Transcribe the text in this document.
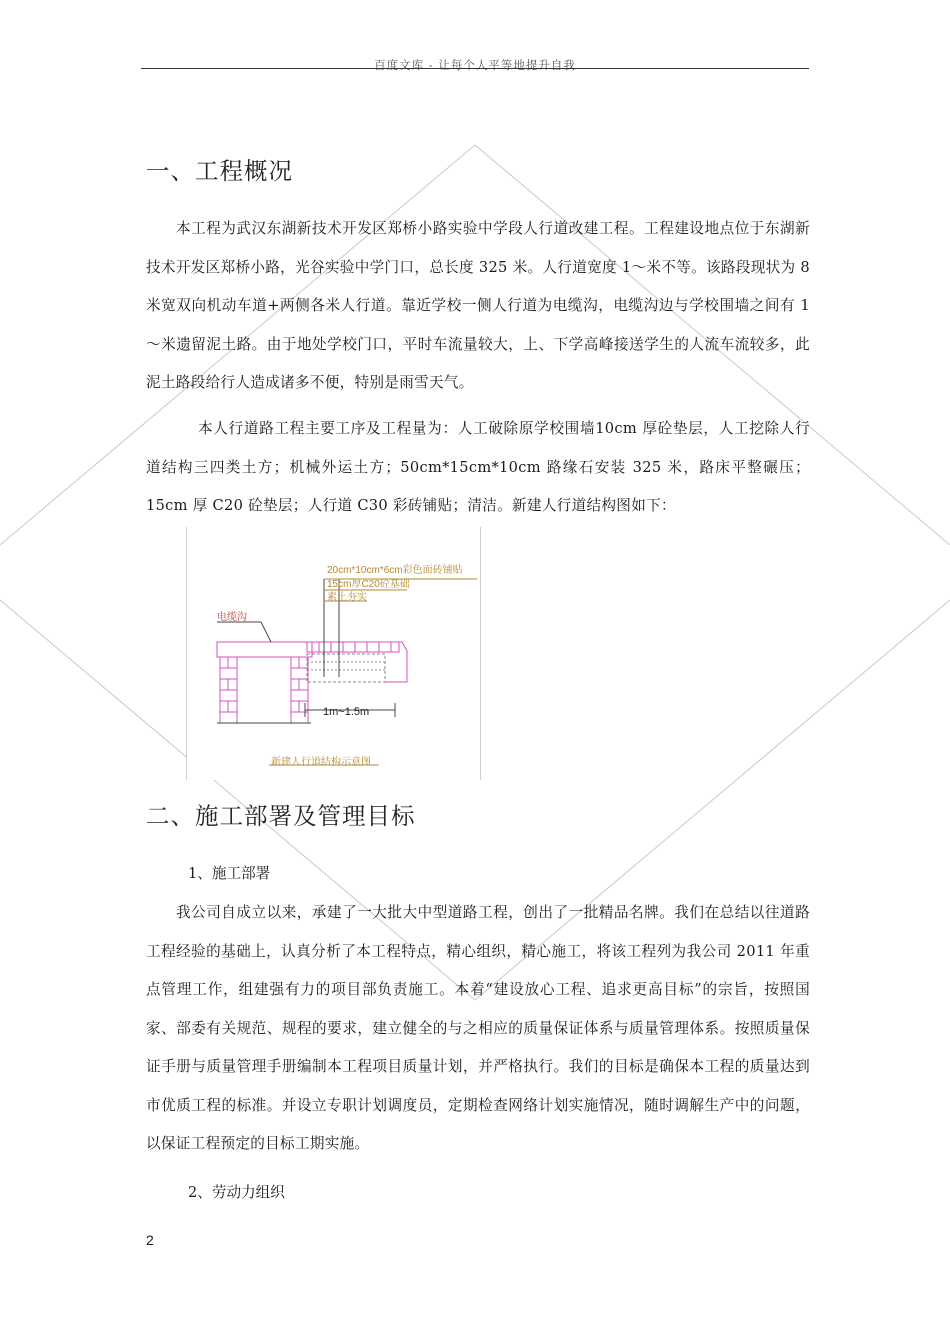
百度文库 - 让每个人平等地提升自我
一、工程概况
本工程为武汉东湖新技术开发区郑桥小路实验中学段人行道改建工程。工程建设地点位于东湖新技术开发区郑桥小路，光谷实验中学门口，总长度 325 米。人行道宽度 1～米不等。该路段现状为 8 米宽双向机动车道+两侧各米人行道。靠近学校一侧人行道为电缆沟，电缆沟边与学校围墙之间有 1～米遗留泥土路。由于地处学校门口，平时车流量较大，上、下学高峰接送学生的人流车流较多，此泥土路段给行人造成诸多不便，特别是雨雪天气。
本人行道路工程主要工序及工程量为：人工破除原学校围墙10cm 厚砼垫层，人工挖除人行道结构三四类土方；机械外运土方；50cm*15cm*10cm 路缘石安装 325 米，路床平整碾压；15cm 厚 C20 砼垫层；人行道 C30 彩砖铺贴；清洁。新建人行道结构图如下：
20cm*10cm*6cm彩色面砖铺贴
15cm厚C20砼基础
素土夯实
电缆沟
1m~1.5m
新建人行道结构示意图
二、施工部署及管理目标
1、施工部署
我公司自成立以来，承建了一大批大中型道路工程，创出了一批精品名牌。我们在总结以往道路工程经验的基础上，认真分析了本工程特点，精心组织，精心施工，将该工程列为我公司 2011 年重点管理工作，组建强有力的项目部负责施工。本着“建设放心工程、追求更高目标”的宗旨，按照国家、部委有关规范、规程的要求，建立健全的与之相应的质量保证体系与质量管理体系。按照质量保证手册与质量管理手册编制本工程项目质量计划，并严格执行。我们的目标是确保本工程的质量达到市优质工程的标准。并设立专职计划调度员，定期检查网络计划实施情况，随时调解生产中的问题，以保证工程预定的目标工期实施。
2、劳动力组织
2
